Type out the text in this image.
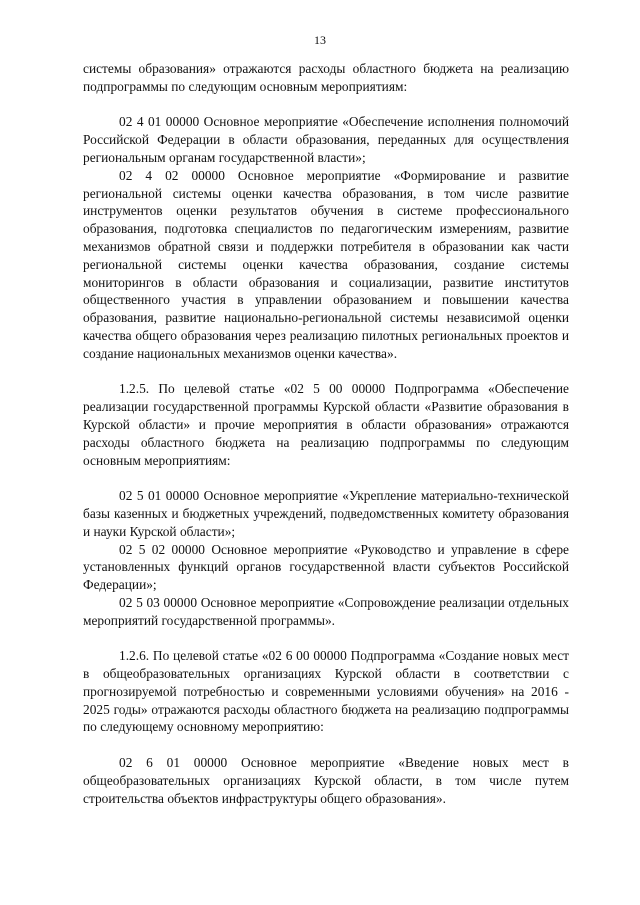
13

системы образования» отражаются расходы областного бюджета на реализацию подпрограммы по следующим основным мероприятиям:

02 4 01 00000 Основное мероприятие «Обеспечение исполнения полномочий Российской Федерации в области образования, переданных для осуществления региональным органам государственной власти»;

02 4 02 00000 Основное мероприятие «Формирование и развитие региональной системы оценки качества образования, в том числе развитие инструментов оценки результатов обучения в системе профессионального образования, подготовка специалистов по педагогическим измерениям, развитие механизмов обратной связи и поддержки потребителя в образовании как части региональной системы оценки качества образования, создание системы мониторингов в области образования и социализации, развитие институтов общественного участия в управлении образованием и повышении качества образования, развитие национально-региональной системы независимой оценки качества общего образования через реализацию пилотных региональных проектов и создание национальных механизмов оценки качества».

1.2.5. По целевой статье «02 5 00 00000 Подпрограмма «Обеспечение реализации государственной программы Курской области «Развитие образования в Курской области» и прочие мероприятия в области образования» отражаются расходы областного бюджета на реализацию подпрограммы по следующим основным мероприятиям:

02 5 01 00000 Основное мероприятие «Укрепление материально-технической базы казенных и бюджетных учреждений, подведомственных комитету образования и науки Курской области»;

02 5 02 00000 Основное мероприятие «Руководство и управление в сфере установленных функций органов государственной власти субъектов Российской Федерации»;

02 5 03 00000 Основное мероприятие «Сопровождение реализации отдельных мероприятий государственной программы».

1.2.6. По целевой статье «02 6 00 00000 Подпрограмма «Создание новых мест в общеобразовательных организациях Курской области в соответствии с прогнозируемой потребностью и современными условиями обучения» на 2016 - 2025 годы» отражаются расходы областного бюджета на реализацию подпрограммы по следующему основному мероприятию:

02 6 01 00000 Основное мероприятие «Введение новых мест в общеобразовательных организациях Курской области, в том числе путем строительства объектов инфраструктуры общего образования».
